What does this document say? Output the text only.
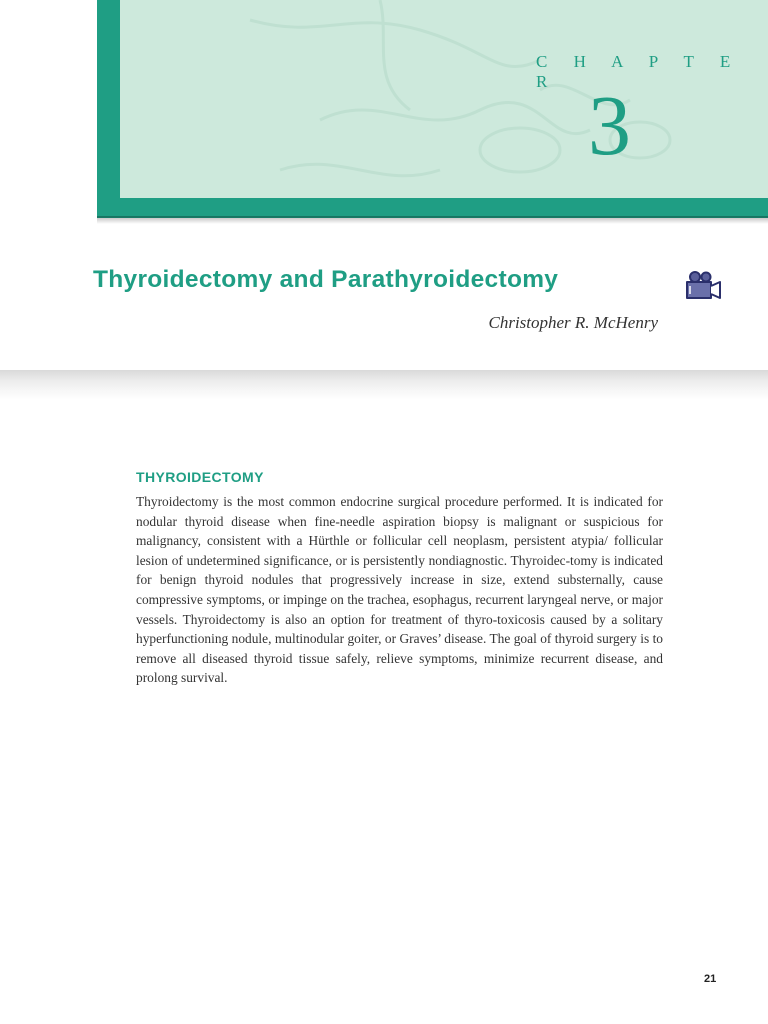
C H A P T E R 3
Thyroidectomy and Parathyroidectomy
Christopher R. McHenry
THYROIDECTOMY
Thyroidectomy is the most common endocrine surgical procedure performed. It is indicated for nodular thyroid disease when fine-needle aspiration biopsy is malignant or suspicious for malignancy, consistent with a Hürthle or follicular cell neoplasm, persistent atypia/ follicular lesion of undetermined significance, or is persistently nondiagnostic. Thyroidec-tomy is indicated for benign thyroid nodules that progressively increase in size, extend substernally, cause compressive symptoms, or impinge on the trachea, esophagus, recurrent laryngeal nerve, or major vessels. Thyroidectomy is also an option for treatment of thyro-toxicosis caused by a solitary hyperfunctioning nodule, multinodular goiter, or Graves’ disease. The goal of thyroid surgery is to remove all diseased thyroid tissue safely, relieve symptoms, minimize recurrent disease, and prolong survival.
21
